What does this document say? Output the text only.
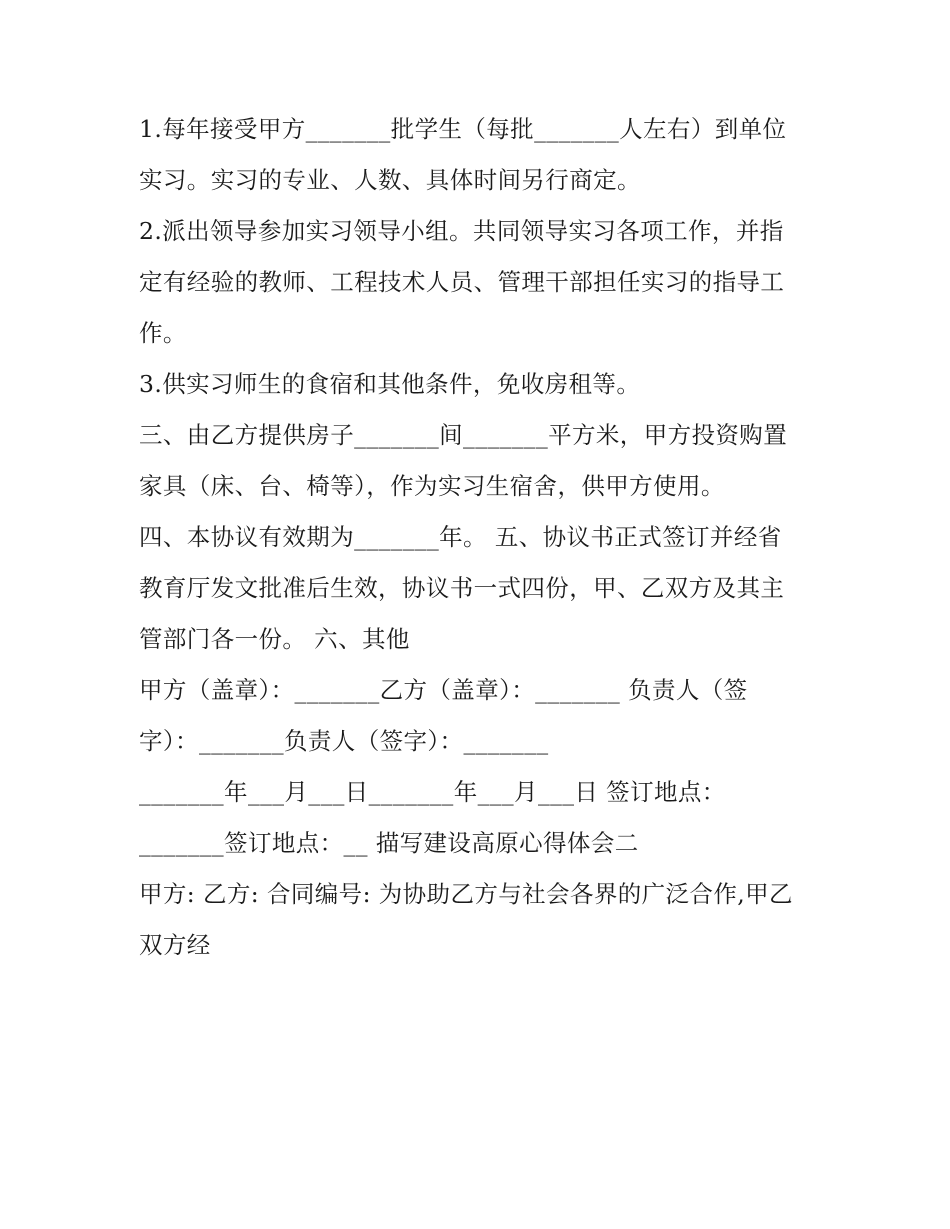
1.每年接受甲方_______批学生（每批_______人左右）到单位
实习。实习的专业、人数、具体时间另行商定。
2.派出领导参加实习领导小组。共同领导实习各项工作，并指
定有经验的教师、工程技术人员、管理干部担任实习的指导工
作。
3.供实习师生的食宿和其他条件，免收房租等。
三、由乙方提供房子_______间_______平方米，甲方投资购置
家具（床、台、椅等），作为实习生宿舍，供甲方使用。
四、本协议有效期为_______年。 五、协议书正式签订并经省
教育厅发文批准后生效，协议书一式四份，甲、乙双方及其主
管部门各一份。 六、其他
甲方（盖章）：_______乙方（盖章）：_______ 负责人（签
字）：_______负责人（签字）：_______
_______年___月___日_______年___月___日 签订地点：
_______签订地点：__ 描写建设高原心得体会二
甲方: 乙方: 合同编号: 为协助乙方与社会各界的广泛合作,甲乙
双方经
